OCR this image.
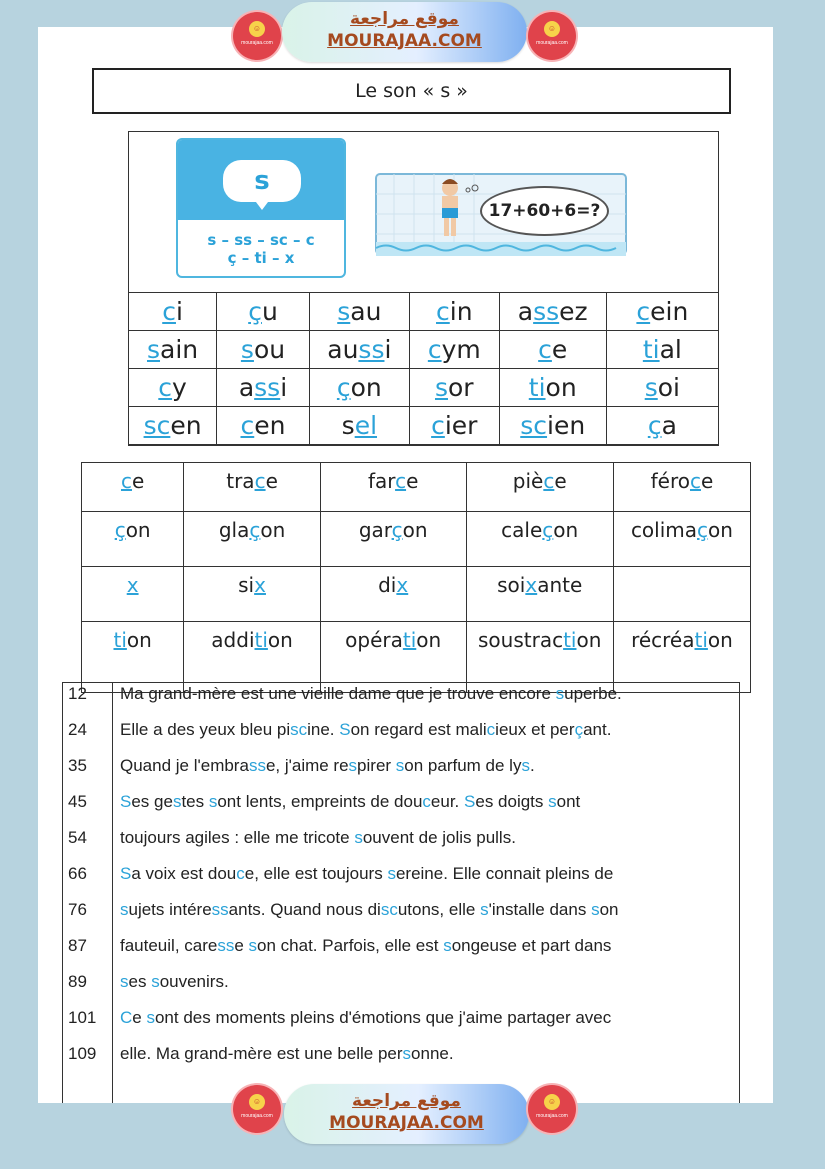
☺
mourajaa.com
موقع مراجعة
MOURAJAA.COM
☺
mourajaa.com
Le son « s »
s
s – ss – sc – c
ç – ti – x
17+60+6=?
ci	çu	sau	cin	assez	cein
sain	sou	aussi	cym	ce	tial
cy	assi	çon	sor	tion	soi
scen	cen	sel	cier	scien	ça
ce	trace	farce	pièce	féroce
çon	glaçon	garçon	caleçon	colimaçon
x	six	dix	soixante	
tion	addition	opération	soustraction	récréation
12 Ma grand-mère est une vieille dame que je trouve encore superbe.
24 Elle a des yeux bleu piscine. Son regard est malicieux et perçant.
35 Quand je l'embrasse, j'aime respirer son parfum de lys.
45 Ses gestes sont lents, empreints de douceur. Ses doigts sont
54 toujours agiles : elle me tricote souvent de jolis pulls.
66 Sa voix est douce, elle est toujours sereine. Elle connait pleins de
76 sujets intéressants. Quand nous discutons, elle s'installe dans son
87 fauteuil, caresse son chat. Parfois, elle est songeuse et part dans
89 ses souvenirs.
101 Ce sont des moments pleins d'émotions que j'aime partager avec
109 elle. Ma grand-mère est une belle personne.
☺
mourajaa.com
موقع مراجعة
MOURAJAA.COM
☺
mourajaa.com
